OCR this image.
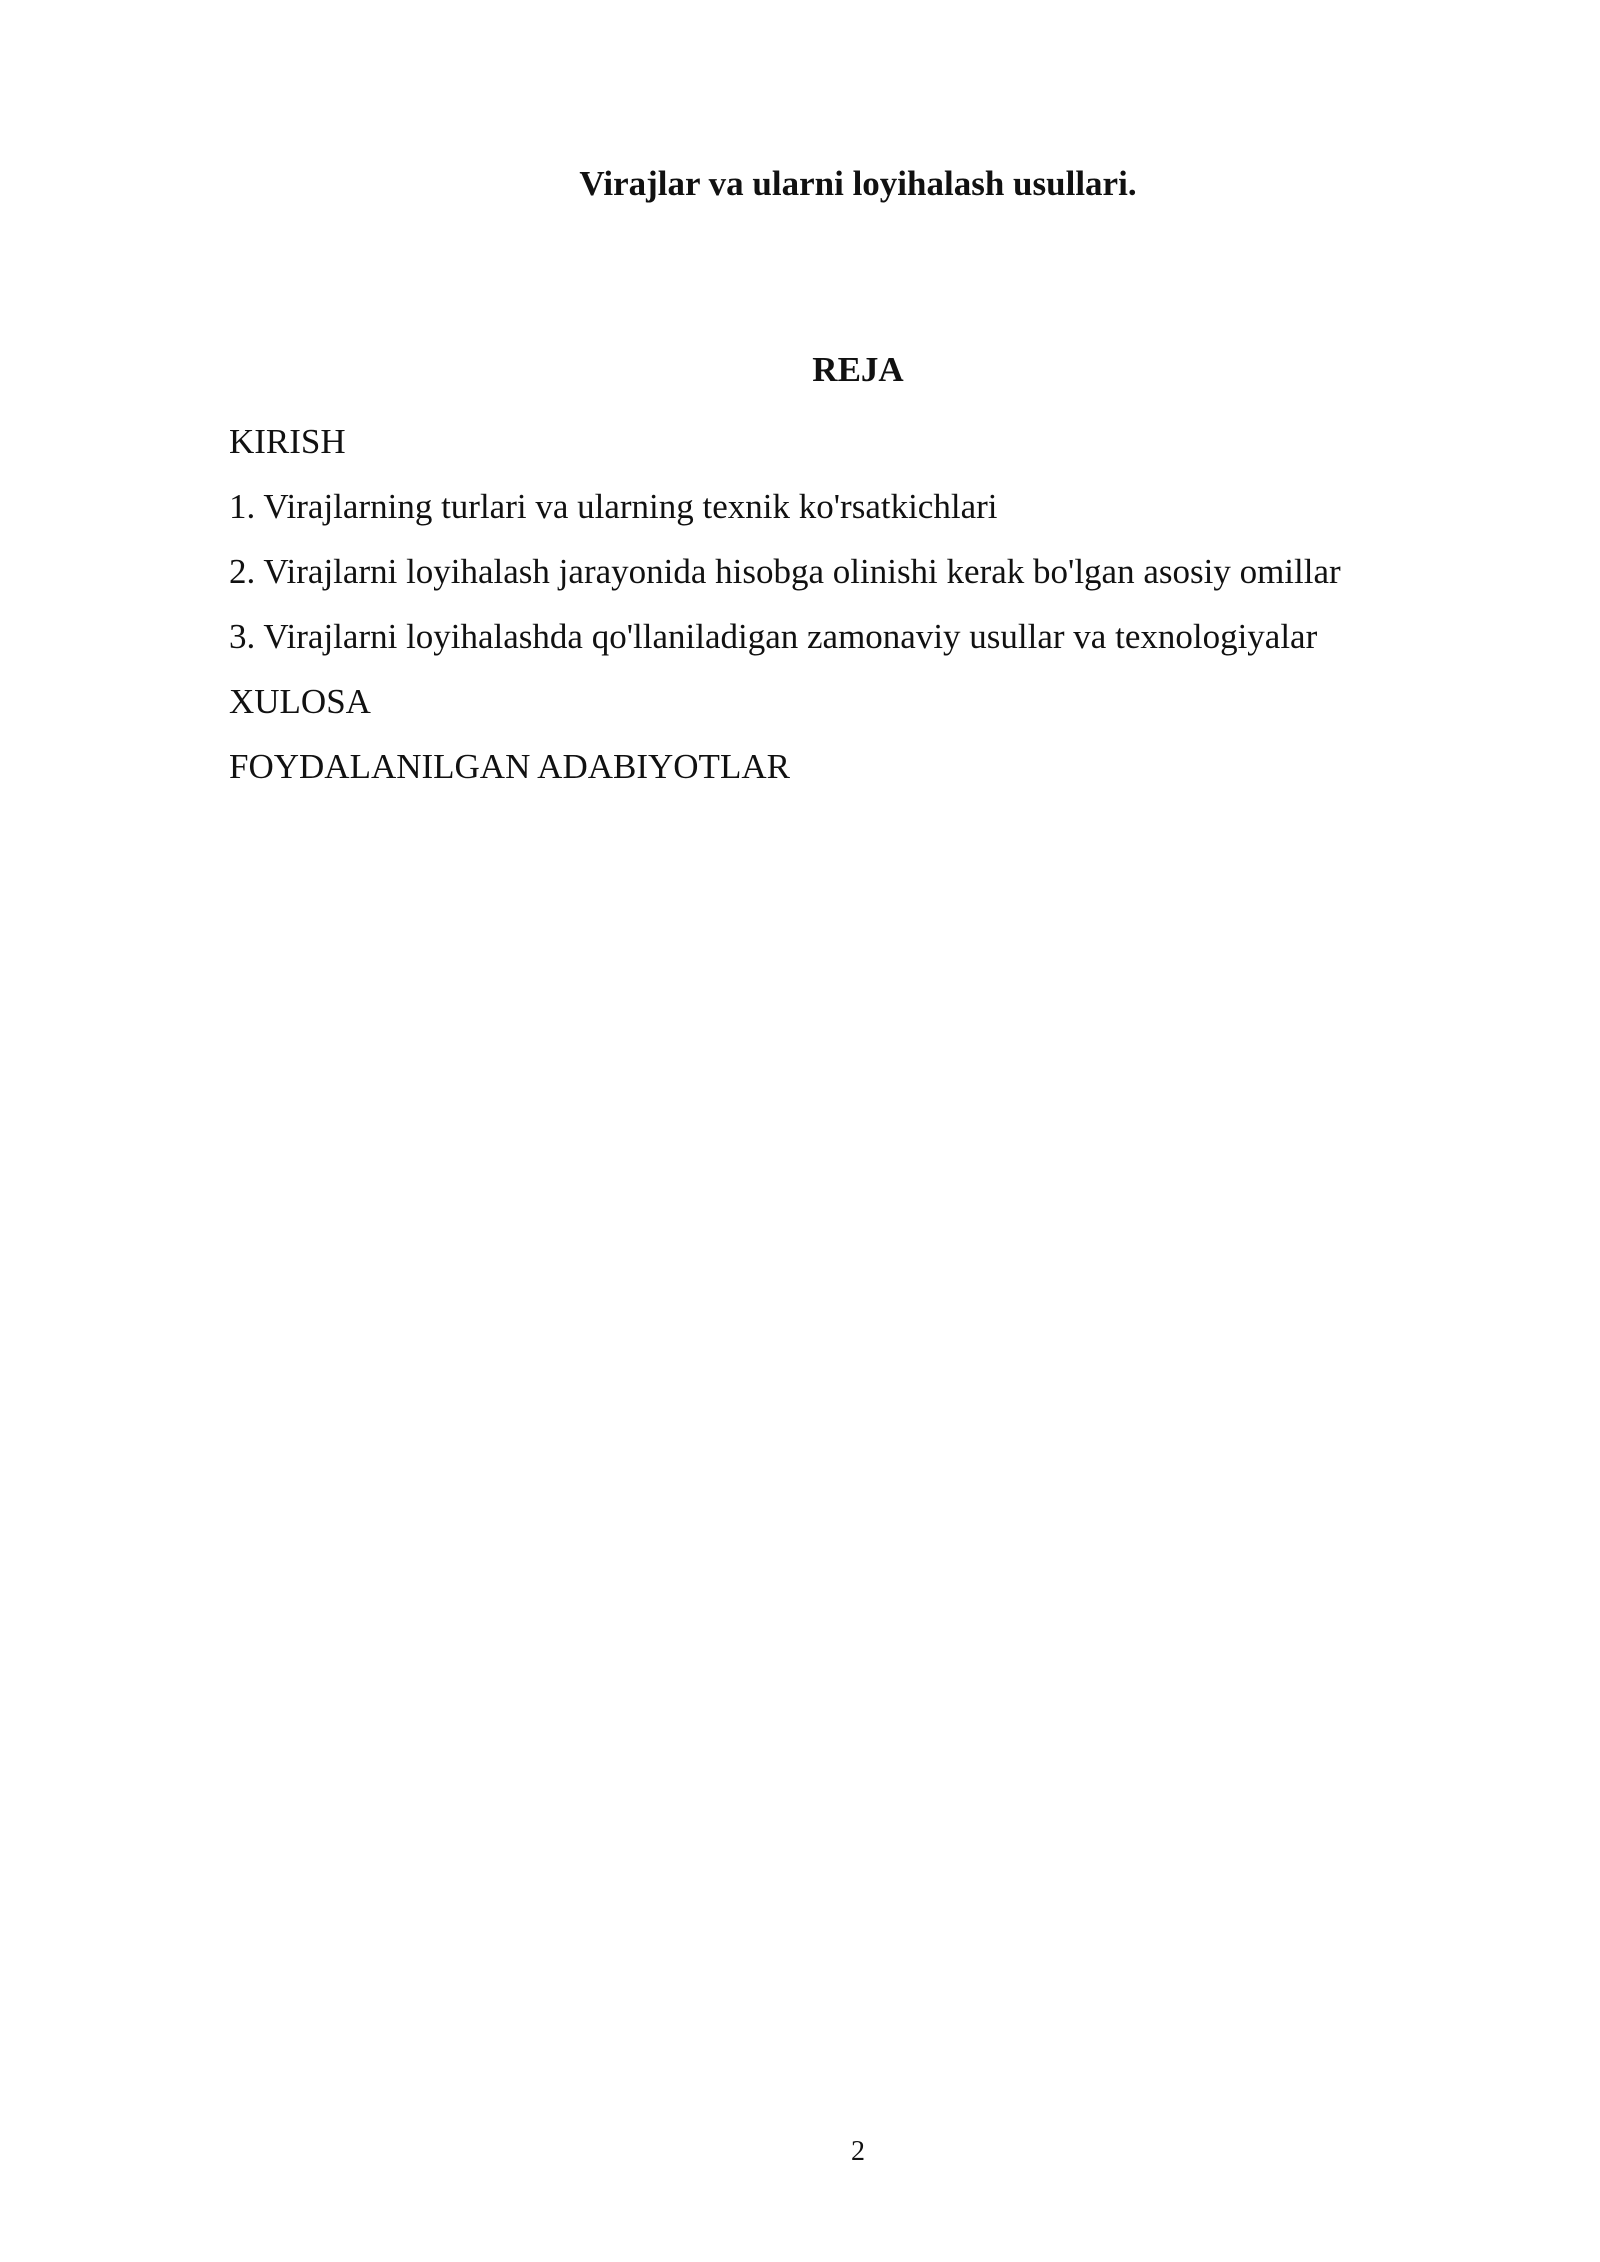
Virajlar va ularni loyihalash usullari.
REJA
KIRISH
1. Virajlarning turlari va ularning texnik ko'rsatkichlari
2. Virajlarni loyihalash jarayonida hisobga olinishi kerak bo'lgan asosiy omillar
3. Virajlarni loyihalashda qo'llaniladigan zamonaviy usullar va texnologiyalar
XULOSA
FOYDALANILGAN ADABIYOTLAR
2
